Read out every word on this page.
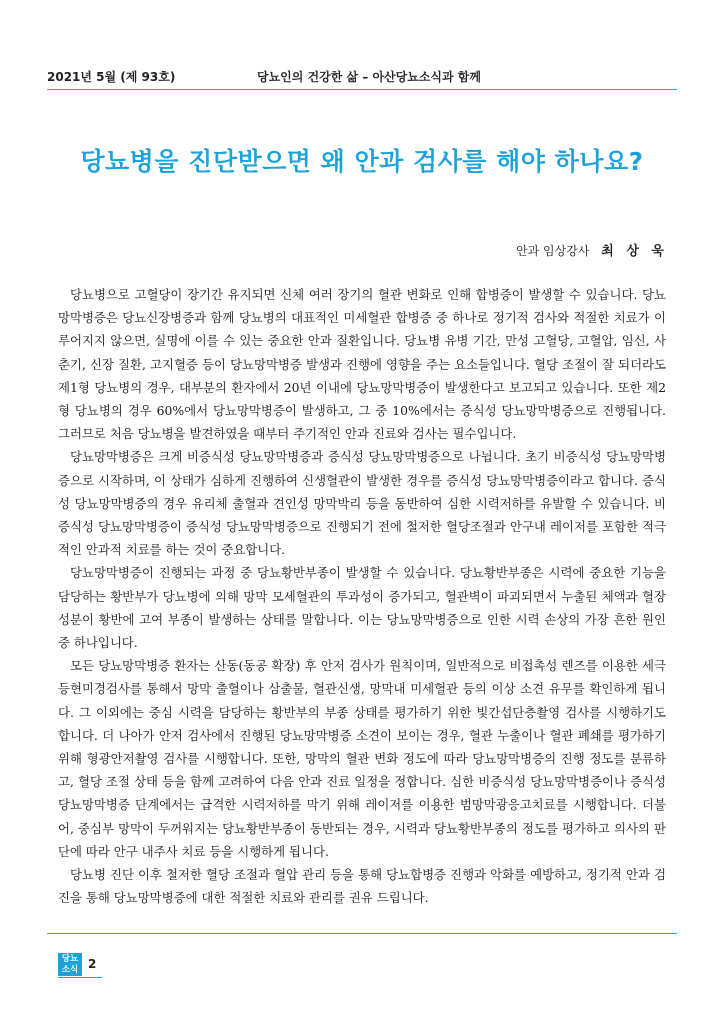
2021년 5월 (제 93호)	당뇨인의 건강한 삶 – 아산당뇨소식과 함께
당뇨병을 진단받으면 왜 안과 검사를 해야 하나요?
안과 임상강사 최 상 욱

당뇨병으로 고혈당이 장기간 유지되면 신체 여러 장기의 혈관 변화로 인해 합병증이 발생할 수 있습니다. 당뇨망막병증은 당뇨신장병증과 함께 당뇨병의 대표적인 미세혈관 합병증 중 하나로 정기적 검사와 적절한 치료가 이루어지지 않으면, 실명에 이를 수 있는 중요한 안과 질환입니다. 당뇨병 유병 기간, 만성 고혈당, 고혈압, 임신, 사춘기, 신장 질환, 고지혈증 등이 당뇨망막병증 발생과 진행에 영향을 주는 요소들입니다. 혈당 조절이 잘 되더라도 제1형 당뇨병의 경우, 대부분의 환자에서 20년 이내에 당뇨망막병증이 발생한다고 보고되고 있습니다. 또한 제2형 당뇨병의 경우 60%에서 당뇨망막병증이 발생하고, 그 중 10%에서는 증식성 당뇨망막병증으로 진행됩니다. 그러므로 처음 당뇨병을 발견하였을 때부터 주기적인 안과 진료와 검사는 필수입니다.

당뇨망막병증은 크게 비증식성 당뇨망막병증과 증식성 당뇨망막병증으로 나뉩니다. 초기 비증식성 당뇨망막병증으로 시작하며, 이 상태가 심하게 진행하여 신생혈관이 발생한 경우를 증식성 당뇨망막병증이라고 합니다. 증식성 당뇨망막병증의 경우 유리체 출혈과 견인성 망막박리 등을 동반하여 심한 시력저하를 유발할 수 있습니다. 비증식성 당뇨망막병증이 증식성 당뇨망막병증으로 진행되기 전에 철저한 혈당조절과 안구내 레이저를 포함한 적극적인 안과적 치료를 하는 것이 중요합니다.

당뇨망막병증이 진행되는 과정 중 당뇨황반부종이 발생할 수 있습니다. 당뇨황반부종은 시력에 중요한 기능을 담당하는 황반부가 당뇨병에 의해 망막 모세혈관의 투과성이 증가되고, 혈관벽이 파괴되면서 누출된 체액과 혈장 성분이 황반에 고여 부종이 발생하는 상태를 말합니다. 이는 당뇨망막병증으로 인한 시력 손상의 가장 흔한 원인 중 하나입니다.

모든 당뇨망막병증 환자는 산동(동공 확장) 후 안저 검사가 원칙이며, 일반적으로 비접촉성 렌즈를 이용한 세극등현미경검사를 통해서 망막 출혈이나 삼출물, 혈관신생, 망막내 미세혈관 등의 이상 소견 유무를 확인하게 됩니다. 그 이외에는 중심 시력을 담당하는 황반부의 부종 상태를 평가하기 위한 빛간섭단층촬영 검사를 시행하기도 합니다. 더 나아가 안저 검사에서 진행된 당뇨망막병증 소견이 보이는 경우, 혈관 누출이나 혈관 폐쇄를 평가하기 위해 형광안저촬영 검사를 시행합니다. 또한, 망막의 혈관 변화 정도에 따라 당뇨망막병증의 진행 정도를 분류하고, 혈당 조절 상태 등을 함께 고려하여 다음 안과 진료 일정을 정합니다. 심한 비증식성 당뇨망막병증이나 증식성 당뇨망막병증 단계에서는 급격한 시력저하를 막기 위해 레이저를 이용한 범망막광응고치료를 시행합니다. 더불어, 중심부 망막이 두꺼워지는 당뇨황반부종이 동반되는 경우, 시력과 당뇨황반부종의 정도를 평가하고 의사의 판단에 따라 안구 내주사 치료 등을 시행하게 됩니다.

당뇨병 진단 이후 철저한 혈당 조절과 혈압 관리 등을 통해 당뇨합병증 진행과 악화를 예방하고, 정기적 안과 검진을 통해 당뇨망막병증에 대한 적절한 치료와 관리를 권유 드립니다.

당뇨
소식 2
